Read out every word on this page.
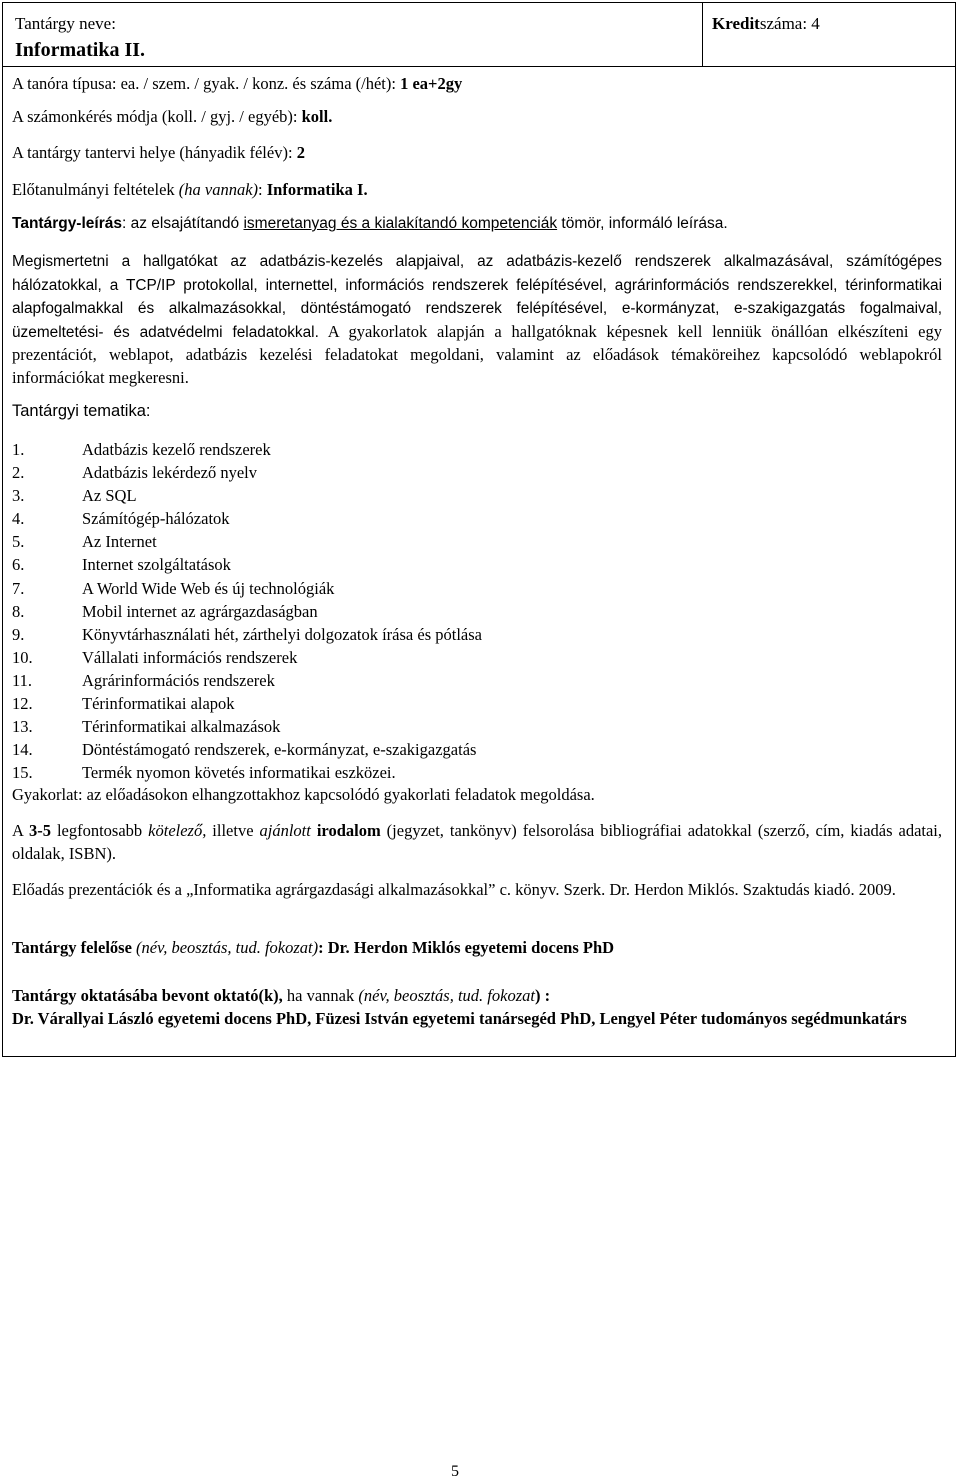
Tantárgy neve:
Informatika II.
Kreditszáma: 4
A tanóra típusa: ea. / szem. / gyak. / konz. és száma (/hét): 1 ea+2gy
A számonkérés módja (koll. / gyj. / egyéb): koll.
A tantárgy tantervi helye (hányadik félév): 2
Előtanulmányi feltételek (ha vannak): Informatika I.
Tantárgy-leírás: az elsajátítandó ismeretanyag és a kialakítandó kompetenciák tömör, informáló leírása.
Megismertetni a hallgatókat az adatbázis-kezelés alapjaival, az adatbázis-kezelő rendszerek alkalmazásával, számítógépes hálózatokkal, a TCP/IP protokollal, internettel, információs rendszerek felépítésével, agrárinformációs rendszerekkel, térinformatikai alapfogalmakkal és alkalmazásokkal, döntéstámogató rendszerek felépítésével, e-kormányzat, e-szakigazgatás fogalmaival, üzemeltetési- és adatvédelmi feladatokkal. A gyakorlatok alapján a hallgatóknak képesnek kell lenniük önállóan elkészíteni egy prezentációt, weblapot, adatbázis kezelési feladatokat megoldani, valamint az előadások témaköreihez kapcsolódó weblapokról információkat megkeresni.
Tantárgyi tematika:
1.	Adatbázis kezelő rendszerek
2.	Adatbázis lekérdező nyelv
3.	Az SQL
4.	Számítógép-hálózatok
5.	Az Internet
6.	Internet szolgáltatások
7.	A World Wide Web és új technológiák
8.	Mobil internet az agrárgazdaságban
9.	Könyvtárhasználati hét, zárthelyi dolgozatok írása és pótlása
10.	Vállalati információs rendszerek
11.	Agrárinformációs rendszerek
12.	Térinformatikai alapok
13.	Térinformatikai alkalmazások
14.	Döntéstámogató rendszerek, e-kormányzat, e-szakigazgatás
15.	Termék nyomon követés informatikai eszközei.
Gyakorlat: az előadásokon elhangzottakhoz kapcsolódó gyakorlati feladatok megoldása.
A 3-5 legfontosabb kötelező, illetve ajánlott irodalom (jegyzet, tankönyv) felsorolása bibliográfiai adatokkal (szerző, cím, kiadás adatai, oldalak, ISBN).
Előadás prezentációk és a „Informatika agrárgazdasági alkalmazásokkal” c. könyv. Szerk. Dr. Herdon Miklós. Szaktudás kiadó. 2009.
Tantárgy felelőse (név, beosztás, tud. fokozat): Dr. Herdon Miklós egyetemi docens PhD
Tantárgy oktatásába bevont oktató(k), ha vannak (név, beosztás, tud. fokozat) :
Dr. Várallyai László egyetemi docens PhD, Füzesi István egyetemi tanársegéd PhD, Lengyel Péter tudományos segédmunkatárs
5
